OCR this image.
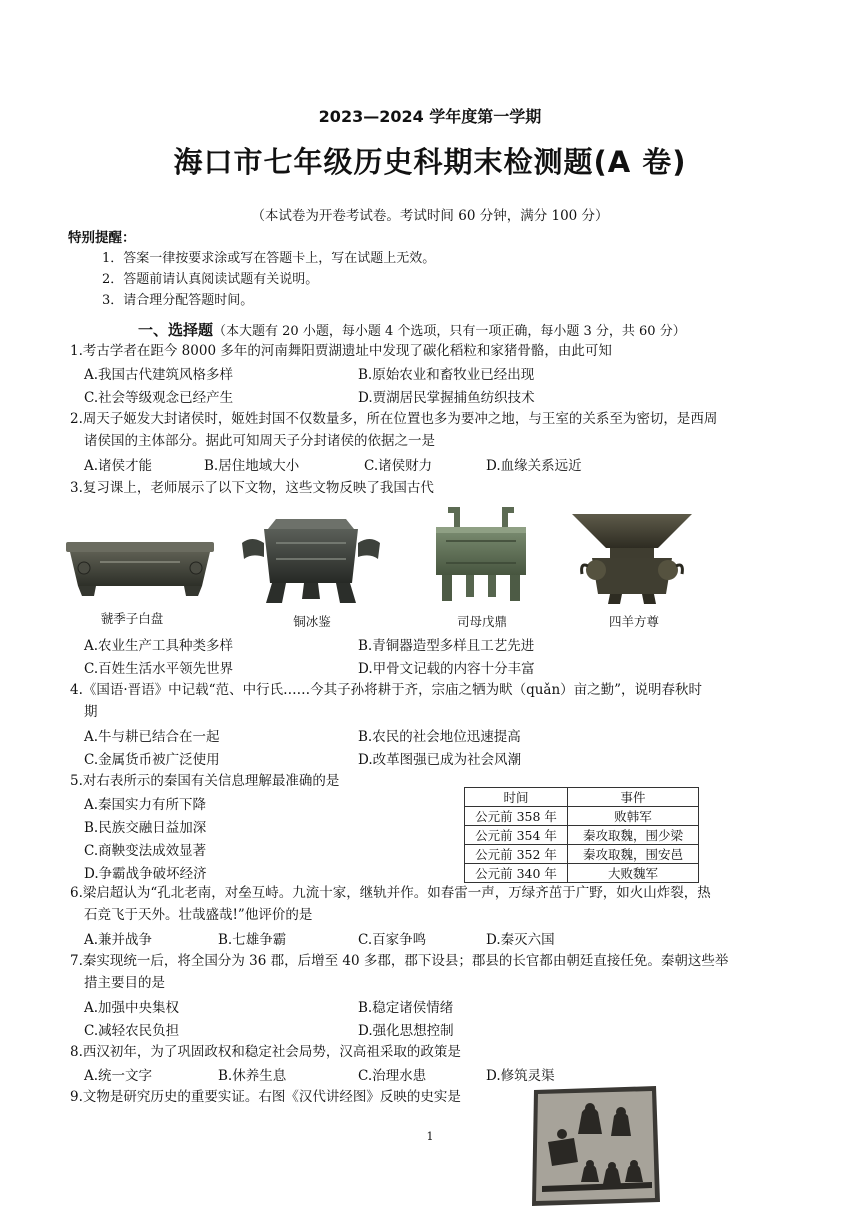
2023—2024 学年度第一学期
海口市七年级历史科期末检测题(A 卷)
（本试卷为开卷考试卷。考试时间 60 分钟，满分 100 分）
特别提醒：
1．答案一律按要求涂或写在答题卡上，写在试题上无效。
2．答题前请认真阅读试题有关说明。
3．请合理分配答题时间。
一、选择题（本大题有 20 小题，每小题 4 个选项，只有一项正确，每小题 3 分，共 60 分）
1.考古学者在距今 8000 多年的河南舞阳贾湖遗址中发现了碳化稻粒和家猪骨骼，由此可知
A.我国古代建筑风格多样	B.原始农业和畜牧业已经出现
C.社会等级观念已经产生	D.贾湖居民掌握捕鱼纺织技术
2.周天子姬发大封诸侯时，姬姓封国不仅数量多，所在位置也多为要冲之地，与王室的关系至为密切，是西周
诸侯国的主体部分。据此可知周天子分封诸侯的依据之一是
A.诸侯才能	B.居住地域大小	C.诸侯财力	D.血缘关系远近
3.复习课上，老师展示了以下文物，这些文物反映了我国古代
虢季子白盘	铜冰鉴	司母戊鼎	四羊方尊
A.农业生产工具种类多样	B.青铜器造型多样且工艺先进
C.百姓生活水平领先世界	D.甲骨文记载的内容十分丰富
4.《国语·晋语》中记载“范、中行氏……今其子孙将耕于齐，宗庙之牺为畎（quǎn）亩之勤”，说明春秋时
期
A.牛与耕已结合在一起	B.农民的社会地位迅速提高
C.金属货币被广泛使用	D.改革图强已成为社会风潮
5.对右表所示的秦国有关信息理解最准确的是
A.秦国实力有所下降
B.民族交融日益加深
C.商鞅变法成效显著
D.争霸战争破坏经济
时间	事件
公元前 358 年	败韩军
公元前 354 年	秦攻取魏，围少梁
公元前 352 年	秦攻取魏，围安邑
公元前 340 年	大败魏军
6.梁启超认为“孔北老南，对垒互峙。九流十家，继轨并作。如春雷一声，万绿齐茁于广野，如火山炸裂，热
石竞飞于天外。壮哉盛哉!”他评价的是
A.兼并战争	B.七雄争霸	C.百家争鸣	D.秦灭六国
7.秦实现统一后，将全国分为 36 郡，后增至 40 多郡，郡下设县；郡县的长官都由朝廷直接任免。秦朝这些举
措主要目的是
A.加强中央集权	B.稳定诸侯情绪
C.减轻农民负担	D.强化思想控制
8.西汉初年，为了巩固政权和稳定社会局势，汉高祖采取的政策是
A.统一文字	B.休养生息	C.治理水患	D.修筑灵渠
9.文物是研究历史的重要实证。右图《汉代讲经图》反映的史实是
1
